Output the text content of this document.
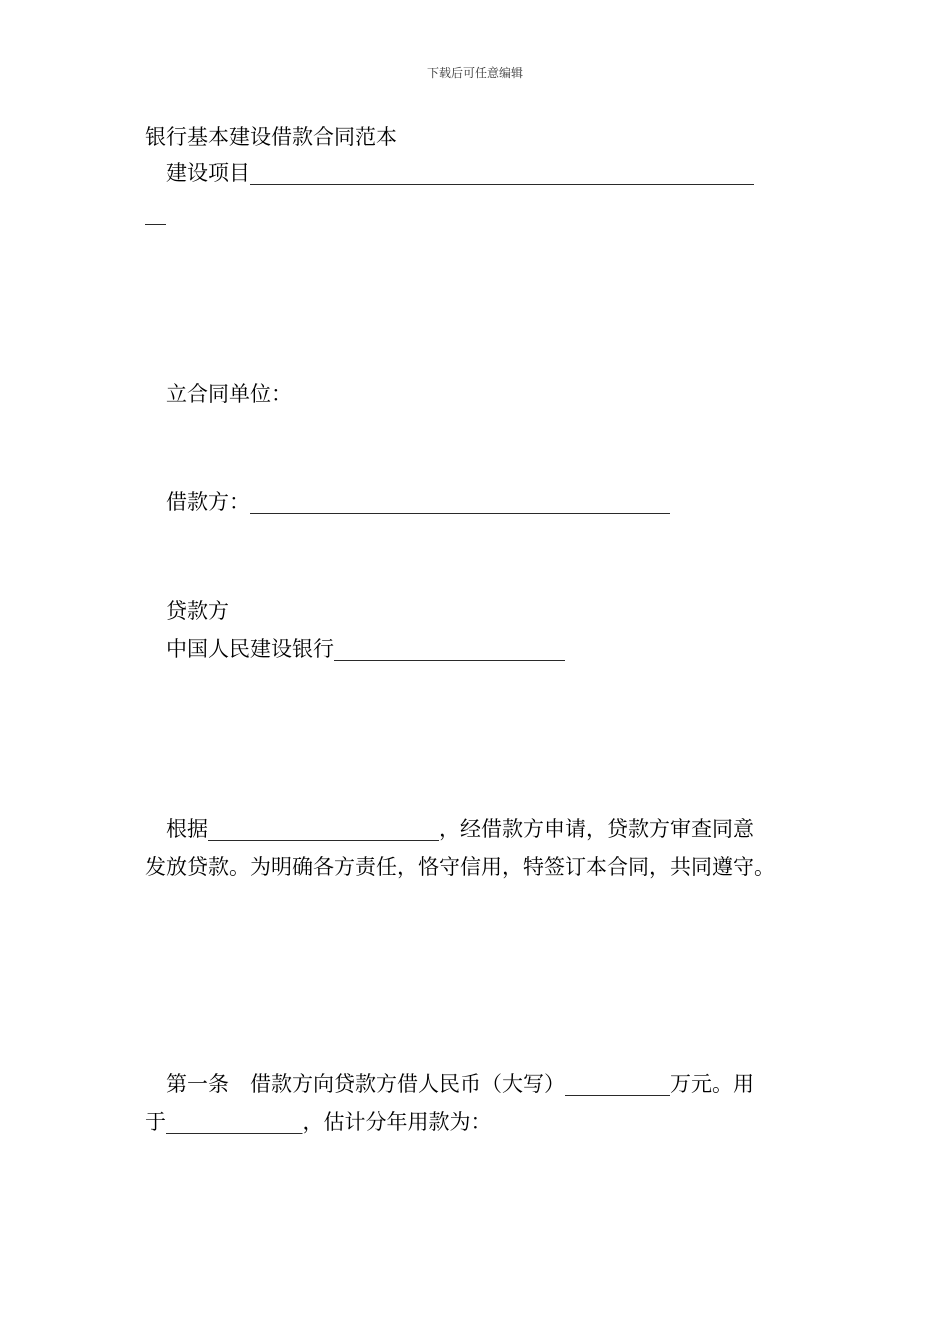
下载后可任意编辑
银行基本建设借款合同范本
建设项目________________________________________________
__
立合同单位：
借款方：________________________________________
贷款方
中国人民建设银行______________________
根据______________________，经借款方申请，贷款方审查同意
发放贷款。为明确各方责任，恪守信用，特签订本合同，共同遵守。
第一条　借款方向贷款方借人民币（大写）__________万元。用
于_____________，估计分年用款为：
